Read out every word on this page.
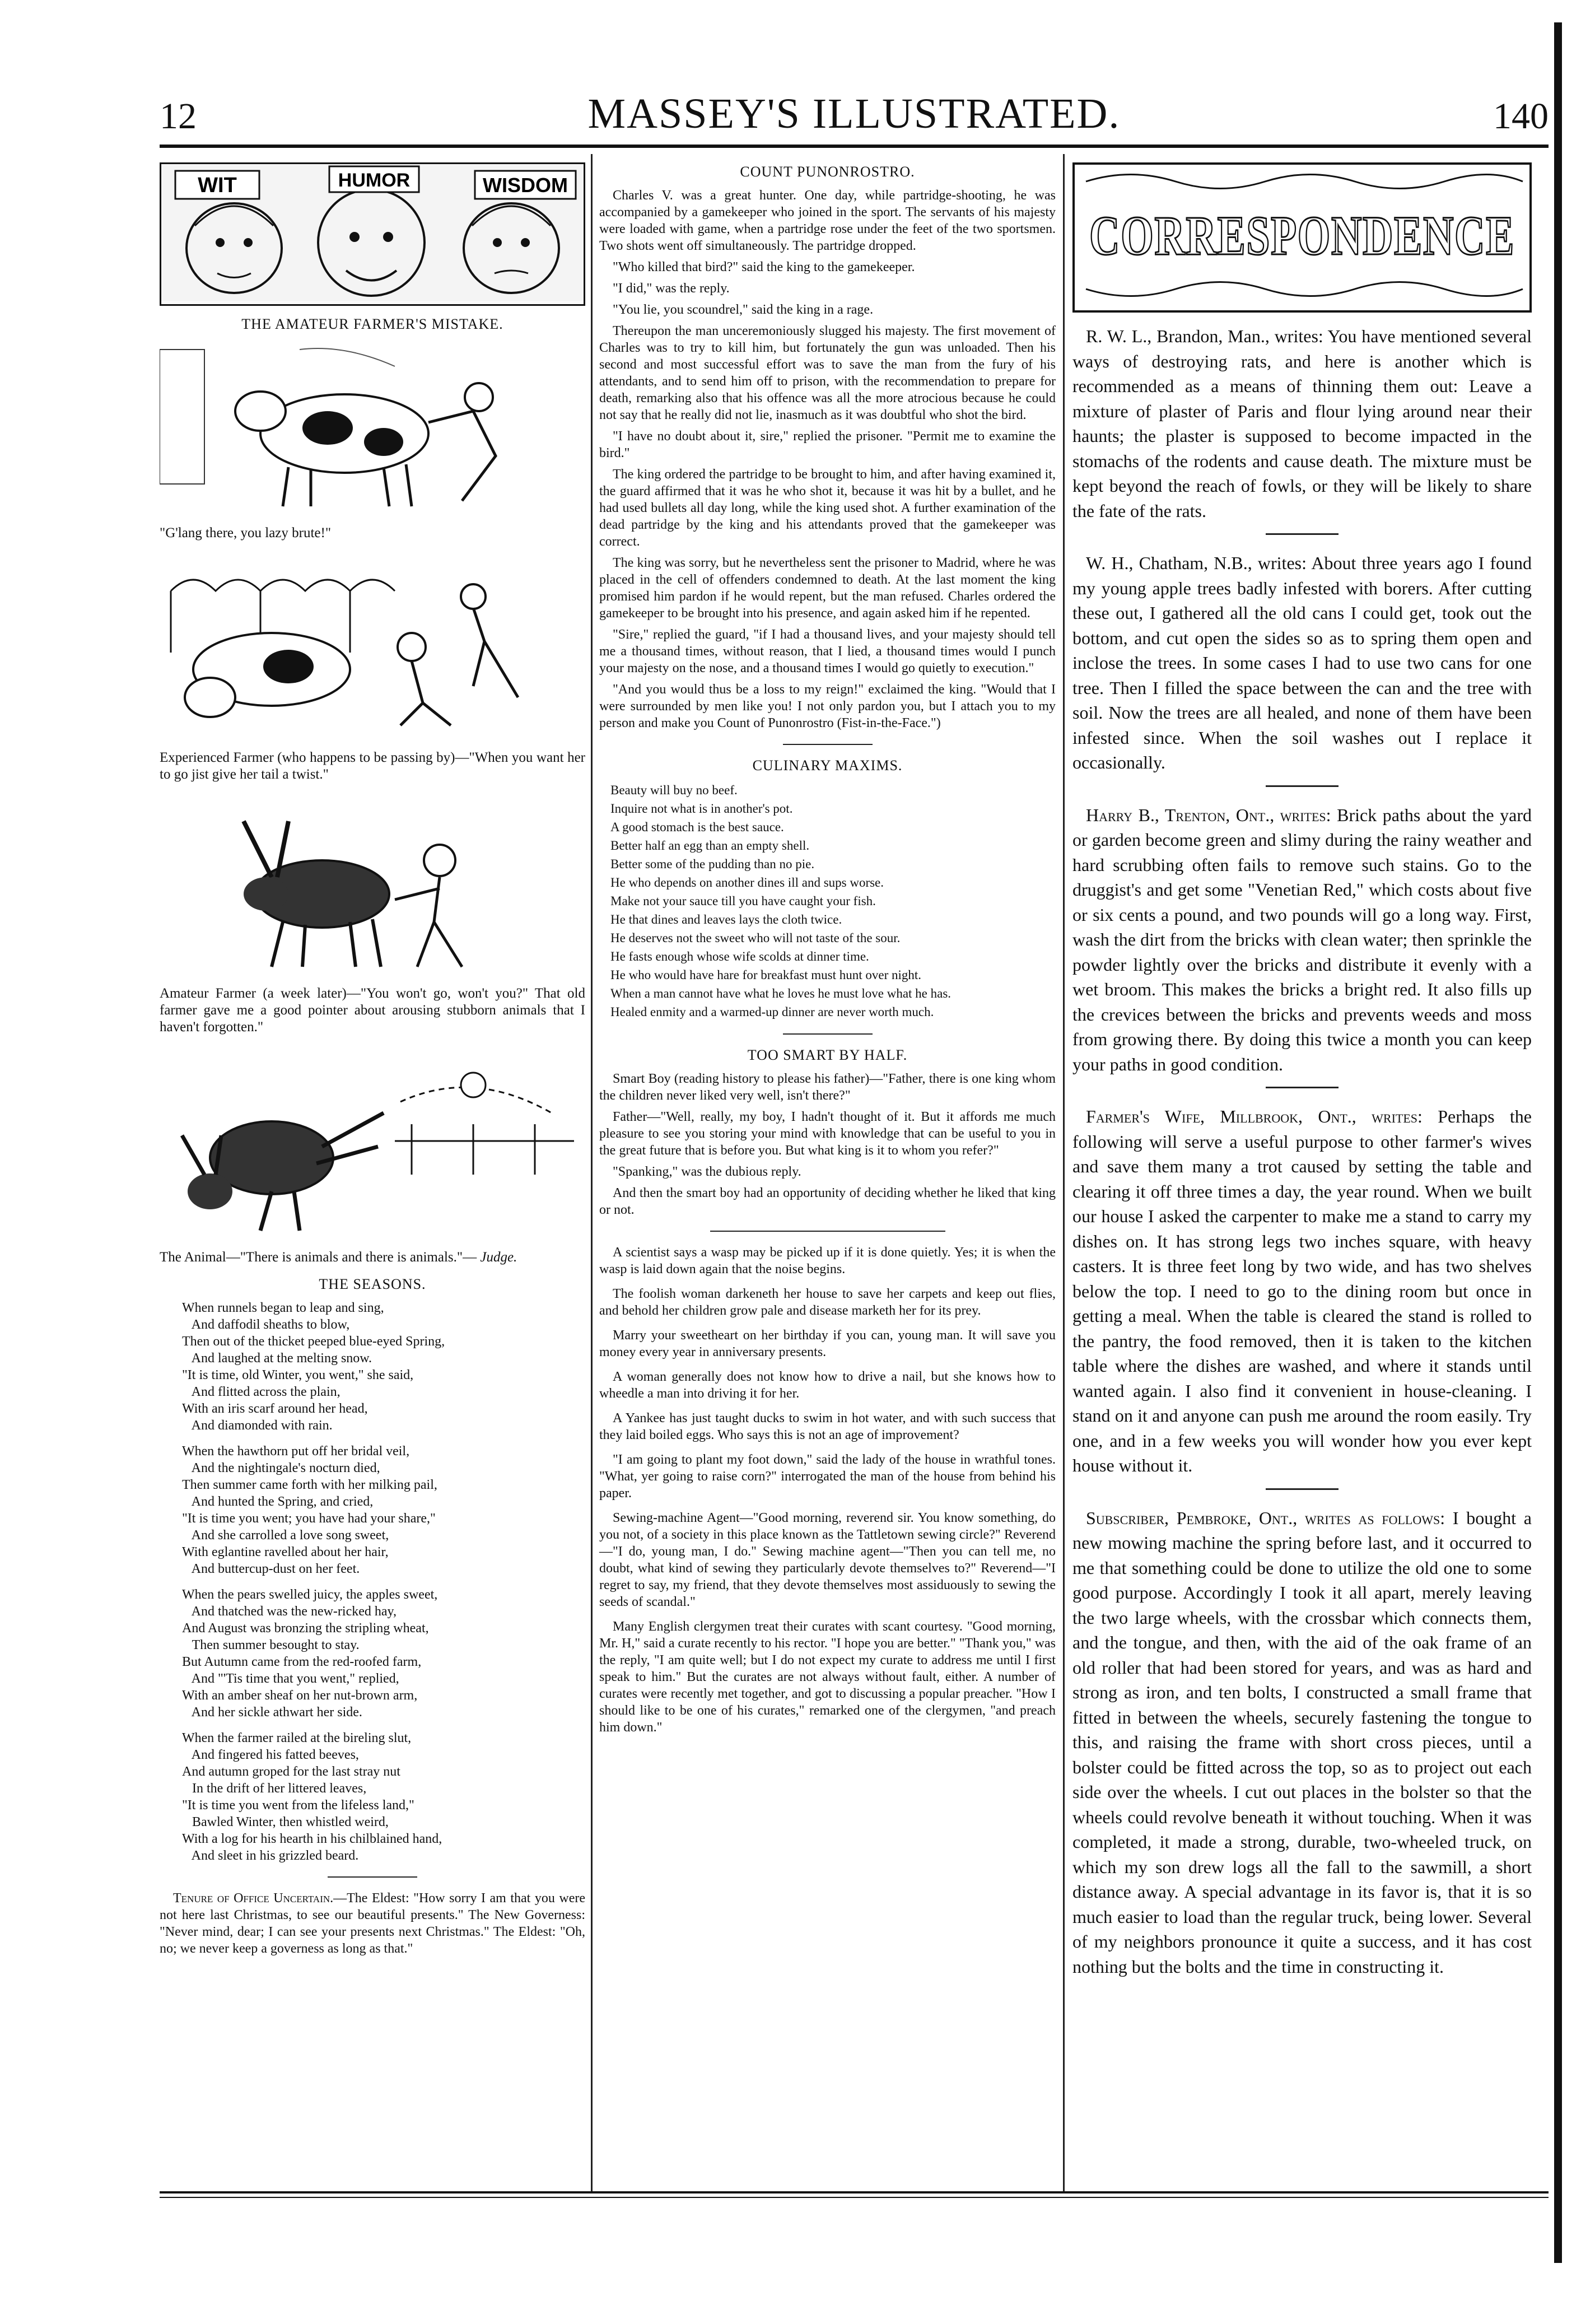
12	MASSEY'S ILLUSTRATED.	140
WIT	HUMOR	WISDOM
THE AMATEUR FARMER'S MISTAKE.
"G'lang there, you lazy brute!"
Experienced Farmer (who happens to be passing by)—"When you want her to go jist give her tail a twist."
Amateur Farmer (a week later)—"You won't go, won't you?" That old farmer gave me a good pointer about arousing stubborn animals that I haven't forgotten."
The Animal—"There is animals and there is animals."— Judge.
THE SEASONS.
When runnels began to leap and sing,
And daffodil sheaths to blow,
Then out of the thicket peeped blue-eyed Spring,
And laughed at the melting snow.
"It is time, old Winter, you went," she said,
And flitted across the plain,
With an iris scarf around her head,
And diamonded with rain.
When the hawthorn put off her bridal veil,
And the nightingale's nocturn died,
Then summer came forth with her milking pail,
And hunted the Spring, and cried,
"It is time you went; you have had your share,"
And she carrolled a love song sweet,
With eglantine ravelled about her hair,
And buttercup-dust on her feet.
When the pears swelled juicy, the apples sweet,
And thatched was the new-ricked hay,
And August was bronzing the stripling wheat,
Then summer besought to stay.
But Autumn came from the red-roofed farm,
And "'Tis time that you went," replied,
With an amber sheaf on her nut-brown arm,
And her sickle athwart her side.
When the farmer railed at the bireling slut,
And fingered his fatted beeves,
And autumn groped for the last stray nut
In the drift of her littered leaves,
"It is time you went from the lifeless land,"
Bawled Winter, then whistled weird,
With a log for his hearth in his chilblained hand,
And sleet in his grizzled beard.
Tenure of Office Uncertain.—The Eldest: "How sorry I am that you were not here last Christmas, to see our beautiful presents." The New Governess: "Never mind, dear; I can see your presents next Christmas." The Eldest: "Oh, no; we never keep a governess as long as that."
COUNT PUNONROSTRO.

Charles V. was a great hunter. One day, while partridge-shooting, he was accompanied by a gamekeeper who joined in the sport. The servants of his majesty were loaded with game, when a partridge rose under the feet of the two sportsmen. Two shots went off simultaneously. The partridge dropped.

"Who killed that bird?" said the king to the gamekeeper.

"I did," was the reply.

"You lie, you scoundrel," said the king in a rage.

Thereupon the man unceremoniously slugged his majesty. The first movement of Charles was to try to kill him, but fortunately the gun was unloaded. Then his second and most successful effort was to save the man from the fury of his attendants, and to send him off to prison, with the recommendation to prepare for death, remarking also that his offence was all the more atrocious because he could not say that he really did not lie, inasmuch as it was doubtful who shot the bird.

"I have no doubt about it, sire," replied the prisoner. "Permit me to examine the bird."

The king ordered the partridge to be brought to him, and after having examined it, the guard affirmed that it was he who shot it, because it was hit by a bullet, and he had used bullets all day long, while the king used shot. A further examination of the dead partridge by the king and his attendants proved that the gamekeeper was correct.

The king was sorry, but he nevertheless sent the prisoner to Madrid, where he was placed in the cell of offenders condemned to death. At the last moment the king promised him pardon if he would repent, but the man refused. Charles ordered the gamekeeper to be brought into his presence, and again asked him if he repented.

"Sire," replied the guard, "if I had a thousand lives, and your majesty should tell me a thousand times, without reason, that I lied, a thousand times would I punch your majesty on the nose, and a thousand times I would go quietly to execution."

"And you would thus be a loss to my reign!" exclaimed the king. "Would that I were surrounded by men like you! I not only pardon you, but I attach you to my person and make you Count of Punonrostro (Fist-in-the-Face.")

CULINARY MAXIMS.
Beauty will buy no beef.
Inquire not what is in another's pot.
A good stomach is the best sauce.
Better half an egg than an empty shell.
Better some of the pudding than no pie.
He who depends on another dines ill and sups worse.
Make not your sauce till you have caught your fish.
He that dines and leaves lays the cloth twice.
He deserves not the sweet who will not taste of the sour.
He fasts enough whose wife scolds at dinner time.
He who would have hare for breakfast must hunt over night.
When a man cannot have what he loves he must love what he has.
Healed enmity and a warmed-up dinner are never worth much.
TOO SMART BY HALF.

Smart Boy (reading history to please his father)—"Father, there is one king whom the children never liked very well, isn't there?"

Father—"Well, really, my boy, I hadn't thought of it. But it affords me much pleasure to see you storing your mind with knowledge that can be useful to you in the great future that is before you. But what king is it to whom you refer?"

"Spanking," was the dubious reply.

And then the smart boy had an opportunity of deciding whether he liked that king or not.

A scientist says a wasp may be picked up if it is done quietly. Yes; it is when the wasp is laid down again that the noise begins.

The foolish woman darkeneth her house to save her carpets and keep out flies, and behold her children grow pale and disease marketh her for its prey.

Marry your sweetheart on her birthday if you can, young man. It will save you money every year in anniversary presents.

A woman generally does not know how to drive a nail, but she knows how to wheedle a man into driving it for her.

A Yankee has just taught ducks to swim in hot water, and with such success that they laid boiled eggs. Who says this is not an age of improvement?

"I am going to plant my foot down," said the lady of the house in wrathful tones. "What, yer going to raise corn?" interrogated the man of the house from behind his paper.

Sewing-machine Agent—"Good morning, reverend sir. You know something, do you not, of a society in this place known as the Tattletown sewing circle?" Reverend—"I do, young man, I do." Sewing machine agent—"Then you can tell me, no doubt, what kind of sewing they particularly devote themselves to?" Reverend—"I regret to say, my friend, that they devote themselves most assiduously to sewing the seeds of scandal."

Many English clergymen treat their curates with scant courtesy. "Good morning, Mr. H," said a curate recently to his rector. "I hope you are better." "Thank you," was the reply, "I am quite well; but I do not expect my curate to address me until I first speak to him." But the curates are not always without fault, either. A number of curates were recently met together, and got to discussing a popular preacher. "How I should like to be one of his curates," remarked one of the clergymen, "and preach him down."

CORRESPONDENCE

R. W. L., Brandon, Man., writes: You have mentioned several ways of destroying rats, and here is another which is recommended as a means of thinning them out: Leave a mixture of plaster of Paris and flour lying around near their haunts; the plaster is supposed to become impacted in the stomachs of the rodents and cause death. The mixture must be kept beyond the reach of fowls, or they will be likely to share the fate of the rats.

W. H., Chatham, N.B., writes: About three years ago I found my young apple trees badly infested with borers. After cutting these out, I gathered all the old cans I could get, took out the bottom, and cut open the sides so as to spring them open and inclose the trees. In some cases I had to use two cans for one tree. Then I filled the space between the can and the tree with soil. Now the trees are all healed, and none of them have been infested since. When the soil washes out I replace it occasionally.

Harry B., Trenton, Ont., writes: Brick paths about the yard or garden become green and slimy during the rainy weather and hard scrubbing often fails to remove such stains. Go to the druggist's and get some "Venetian Red," which costs about five or six cents a pound, and two pounds will go a long way. First, wash the dirt from the bricks with clean water; then sprinkle the powder lightly over the bricks and distribute it evenly with a wet broom. This makes the bricks a bright red. It also fills up the crevices between the bricks and prevents weeds and moss from growing there. By doing this twice a month you can keep your paths in good condition.

Farmer's Wife, Millbrook, Ont., writes: Perhaps the following will serve a useful purpose to other farmer's wives and save them many a trot caused by setting the table and clearing it off three times a day, the year round. When we built our house I asked the carpenter to make me a stand to carry my dishes on. It has strong legs two inches square, with heavy casters. It is three feet long by two wide, and has two shelves below the top. I need to go to the dining room but once in getting a meal. When the table is cleared the stand is rolled to the pantry, the food removed, then it is taken to the kitchen table where the dishes are washed, and where it stands until wanted again. I also find it convenient in house-cleaning. I stand on it and anyone can push me around the room easily. Try one, and in a few weeks you will wonder how you ever kept house without it.

Subscriber, Pembroke, Ont., writes as follows: I bought a new mowing machine the spring before last, and it occurred to me that something could be done to utilize the old one to some good purpose. Accordingly I took it all apart, merely leaving the two large wheels, with the crossbar which connects them, and the tongue, and then, with the aid of the oak frame of an old roller that had been stored for years, and was as hard and strong as iron, and ten bolts, I constructed a small frame that fitted in between the wheels, securely fastening the tongue to this, and raising the frame with short cross pieces, until a bolster could be fitted across the top, so as to project out each side over the wheels. I cut out places in the bolster so that the wheels could revolve beneath it without touching. When it was completed, it made a strong, durable, two-wheeled truck, on which my son drew logs all the fall to the sawmill, a short distance away. A special advantage in its favor is, that it is so much easier to load than the regular truck, being lower. Several of my neighbors pronounce it quite a success, and it has cost nothing but the bolts and the time in constructing it.
